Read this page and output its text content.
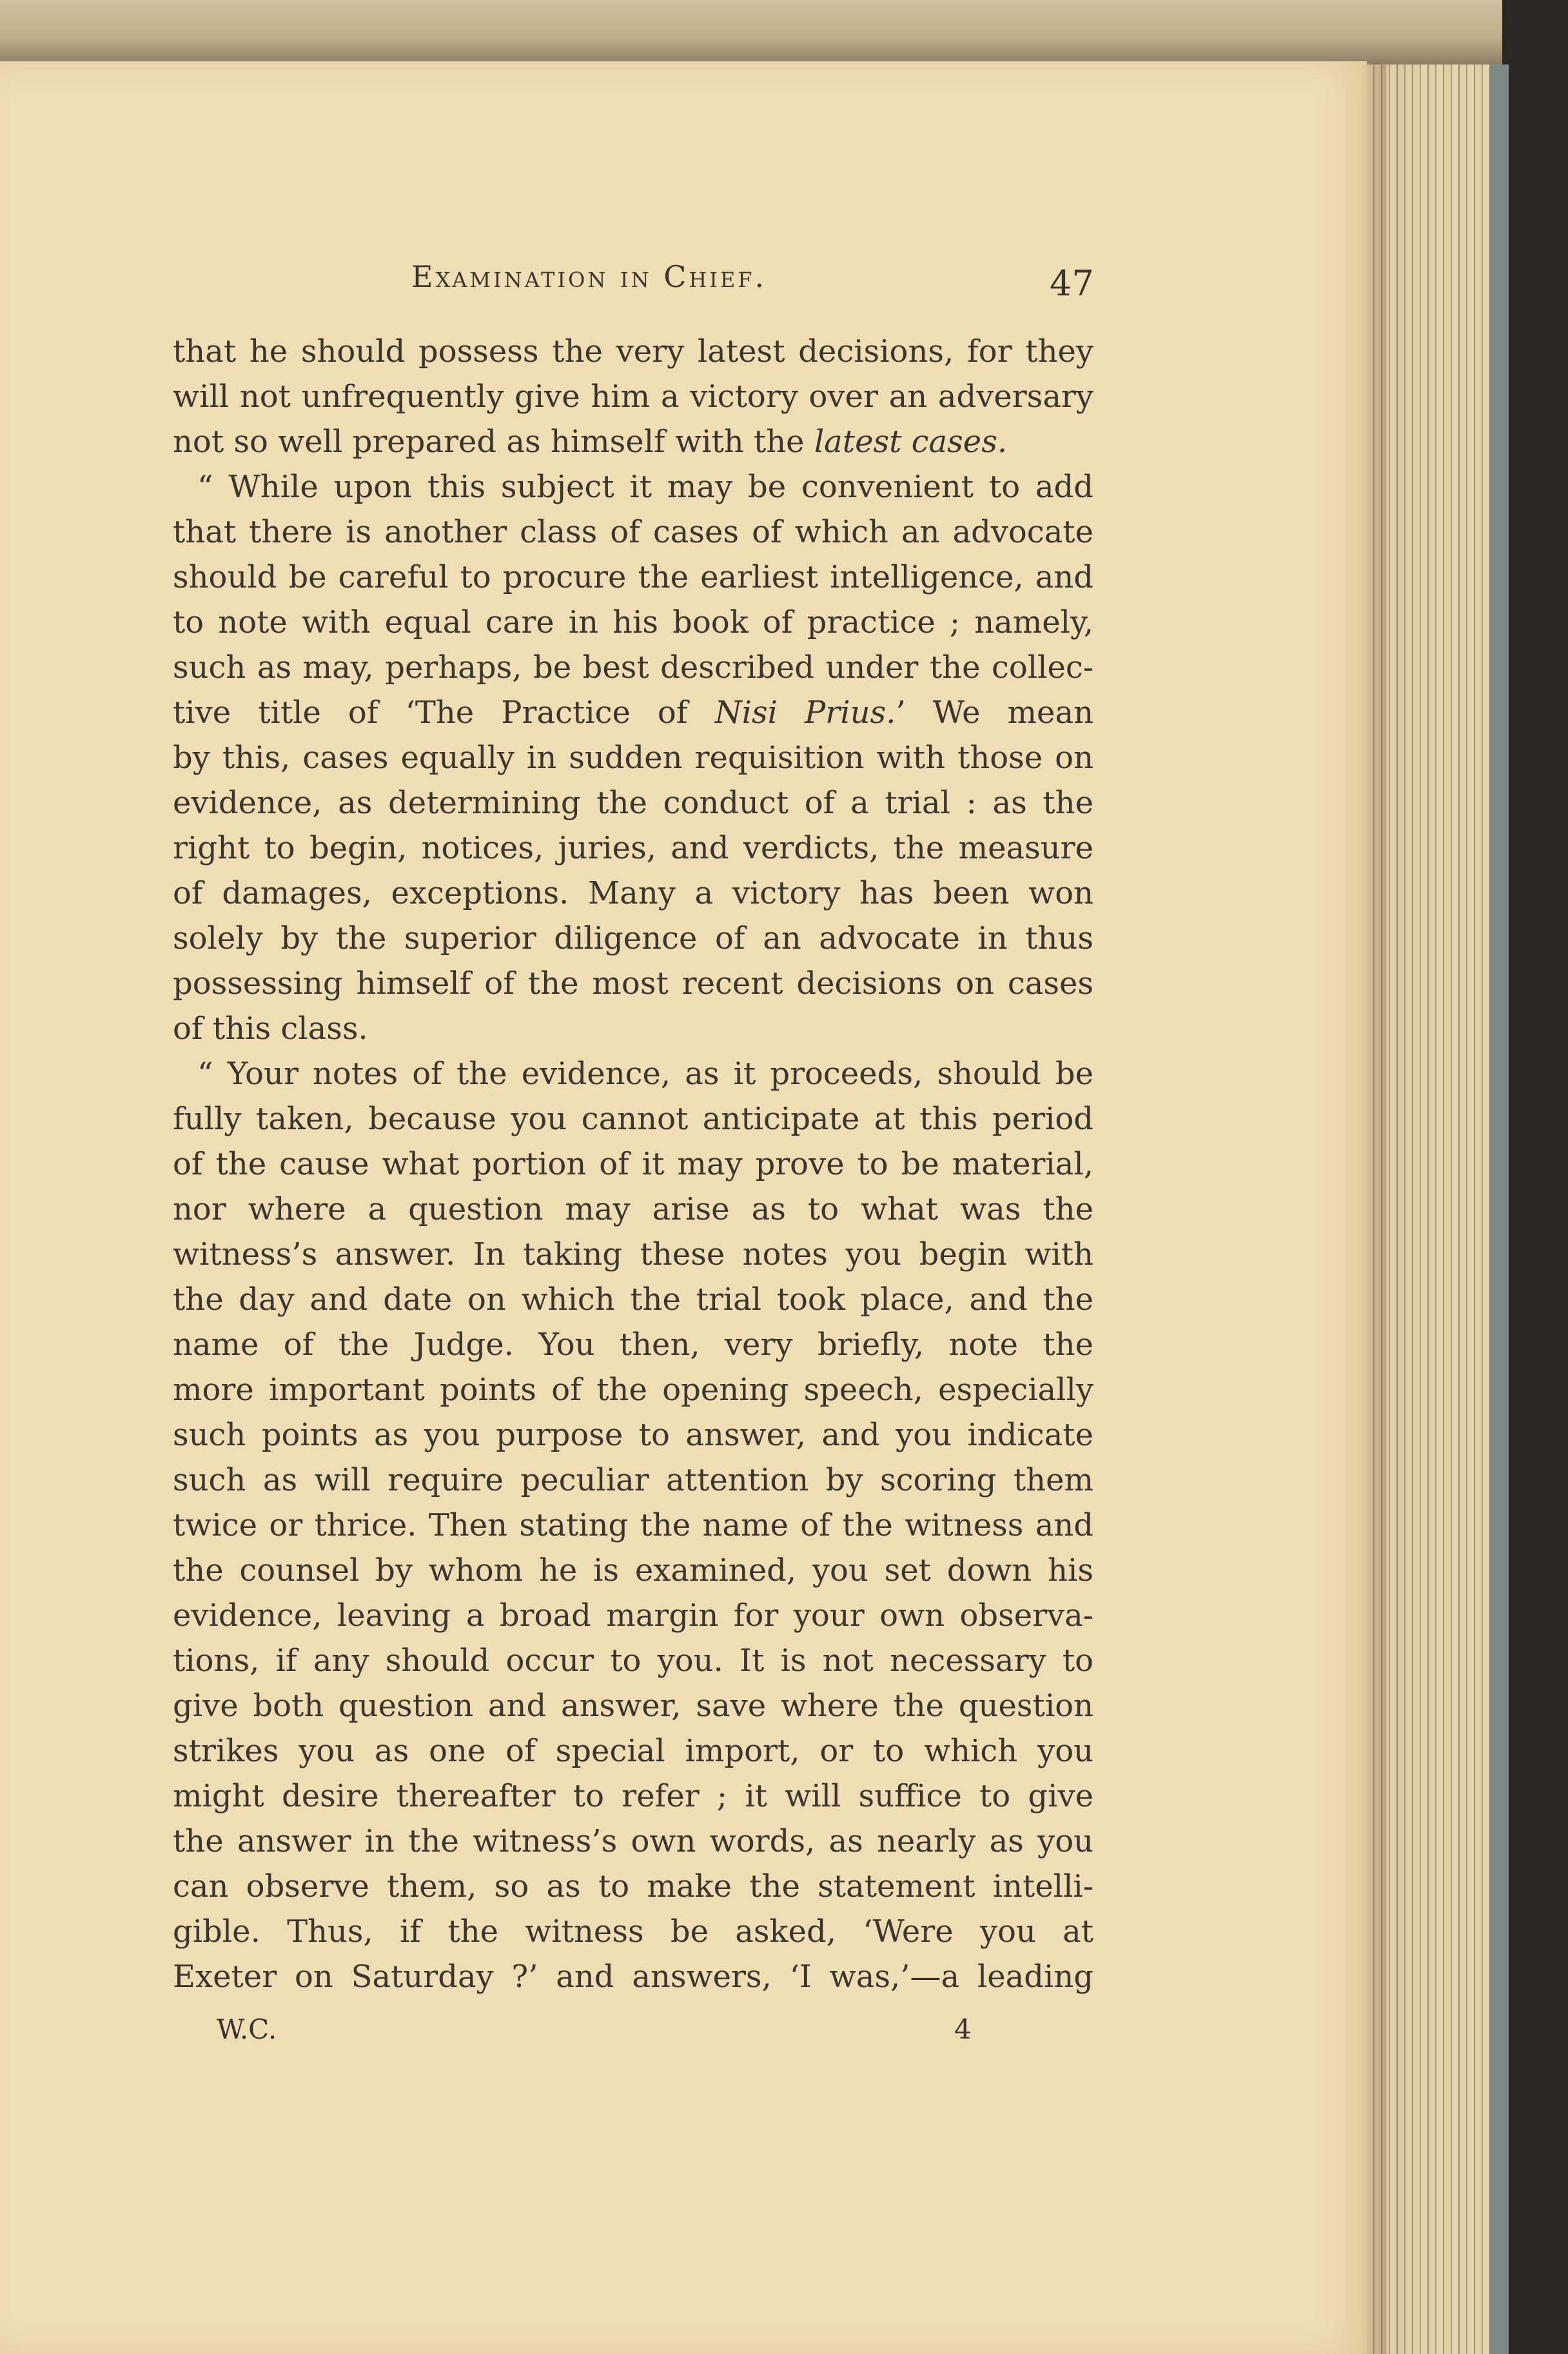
Examination in Chief.	47
that he should possess the very latest decisions, for they
will not unfrequently give him a victory over an adversary
not so well prepared as himself with the latest cases.
“ While upon this subject it may be convenient to add
that there is another class of cases of which an advocate
should be careful to procure the earliest intelligence, and
to note with equal care in his book of practice ; namely,
such as may, perhaps, be best described under the collec-
tive title of ‘The Practice of Nisi Prius.’ We mean
by this, cases equally in sudden requisition with those on
evidence, as determining the conduct of a trial : as the
right to begin, notices, juries, and verdicts, the measure
of damages, exceptions. Many a victory has been won
solely by the superior diligence of an advocate in thus
possessing himself of the most recent decisions on cases
of this class.
“ Your notes of the evidence, as it proceeds, should be
fully taken, because you cannot anticipate at this period
of the cause what portion of it may prove to be material,
nor where a question may arise as to what was the
witness’s answer. In taking these notes you begin with
the day and date on which the trial took place, and the
name of the Judge. You then, very briefly, note the
more important points of the opening speech, especially
such points as you purpose to answer, and you indicate
such as will require peculiar attention by scoring them
twice or thrice. Then stating the name of the witness and
the counsel by whom he is examined, you set down his
evidence, leaving a broad margin for your own observa-
tions, if any should occur to you. It is not necessary to
give both question and answer, save where the question
strikes you as one of special import, or to which you
might desire thereafter to refer ; it will suffice to give
the answer in the witness’s own words, as nearly as you
can observe them, so as to make the statement intelli-
gible. Thus, if the witness be asked, ‘Were you at
Exeter on Saturday ?’ and answers, ‘I was,’—a leading
W.C.	4
